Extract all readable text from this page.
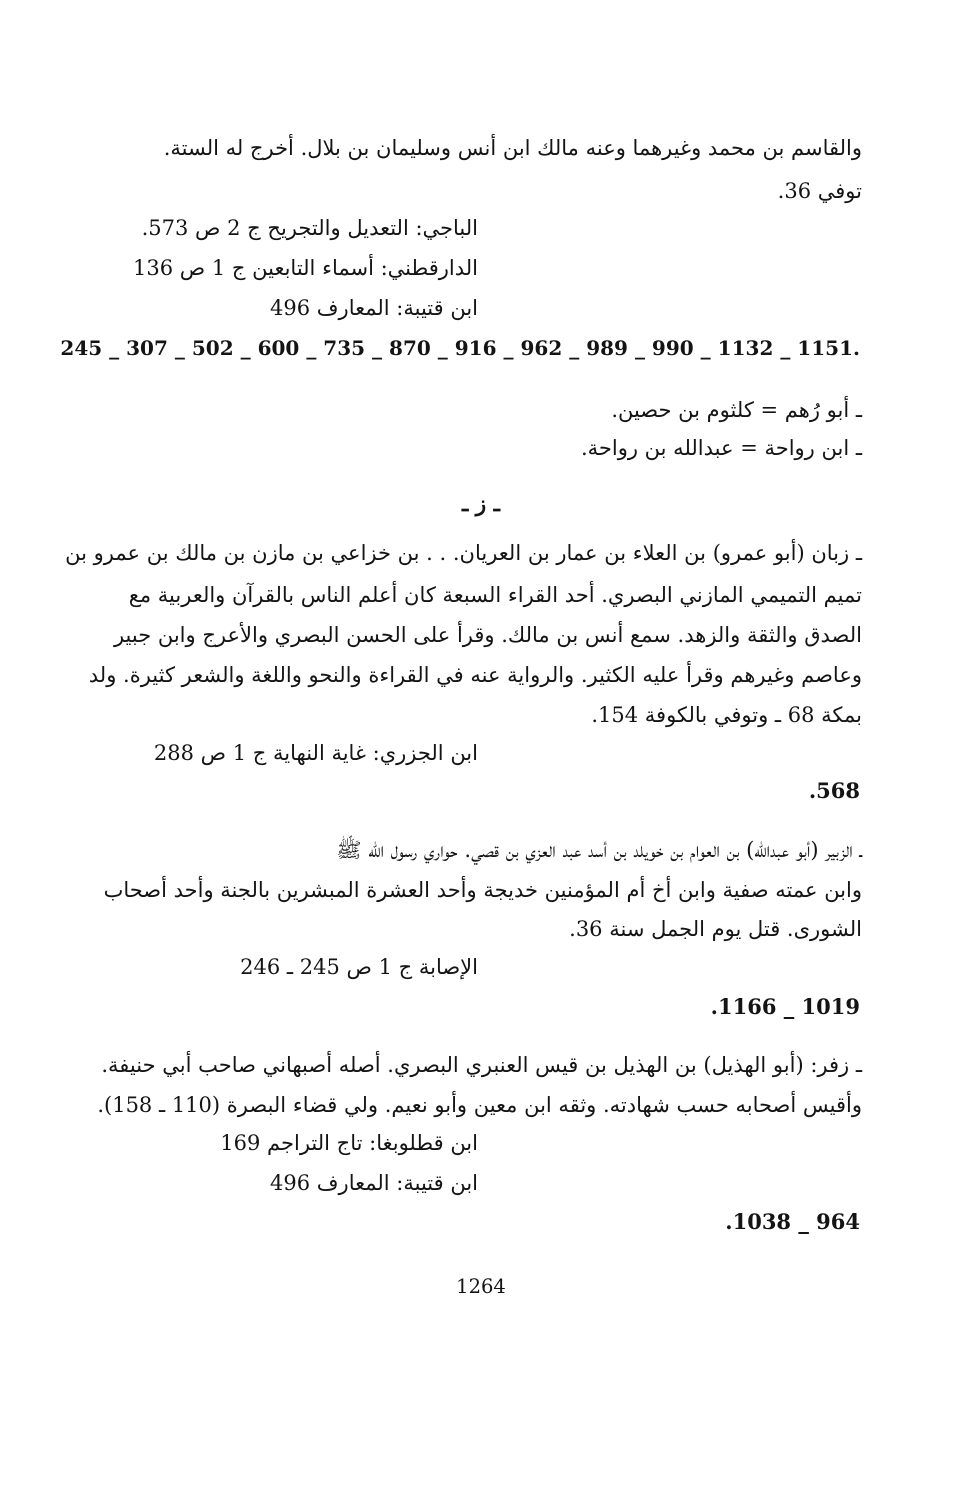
والقاسم بن محمد وغيرهما وعنه مالك ابن أنس وسليمان بن بلال. أخرج له الستة.
توفي 36.
الباجي: التعديل والتجريح ج 2 ص 573.
الدارقطني: أسماء التابعين ج 1 ص 136
ابن قتيبة: المعارف 496
245 _ 307 _ 502 _ 600 _ 735 _ 870 _ 916 _ 962 _ 989 _ 990 _ 1132 _ 1151.
ـ أبو رُهم = كلثوم بن حصين.
ـ ابن رواحة = عبدالله بن رواحة.
ـ ز ـ
ـ زبان (أبو عمرو) بن العلاء بن عمار بن العريان. . . بن خزاعي بن مازن بن مالك بن عمرو بن
تميم التميمي المازني البصري. أحد القراء السبعة كان أعلم الناس بالقرآن والعربية مع
الصدق والثقة والزهد. سمع أنس بن مالك. وقرأ على الحسن البصري والأعرج وابن جبير
وعاصم وغيرهم وقرأ عليه الكثير. والرواية عنه في القراءة والنحو واللغة والشعر كثيرة. ولد
بمكة 68 ـ وتوفي بالكوفة 154.
ابن الجزري: غاية النهاية ج 1 ص 288
.568
ـ الزبير (أبو عبدالله) بن العوام بن خويلد بن أسد عبد العزي بن قصي. حواري رسول الله ﷺ
وابن عمته صفية وابن أخ أم المؤمنين خديجة وأحد العشرة المبشرين بالجنة وأحد أصحاب
الشورى. قتل يوم الجمل سنة 36.
الإصابة ج 1 ص 245 ـ 246
.1166 _ 1019
ـ زفر: (أبو الهذيل) بن الهذيل بن قيس العنبري البصري. أصله أصبهاني صاحب أبي حنيفة.
وأقيس أصحابه حسب شهادته. وثقه ابن معين وأبو نعيم. ولي قضاء البصرة (110 ـ 158).
ابن قطلوبغا: تاج التراجم 169
ابن قتيبة: المعارف 496
.1038 _ 964
1264
